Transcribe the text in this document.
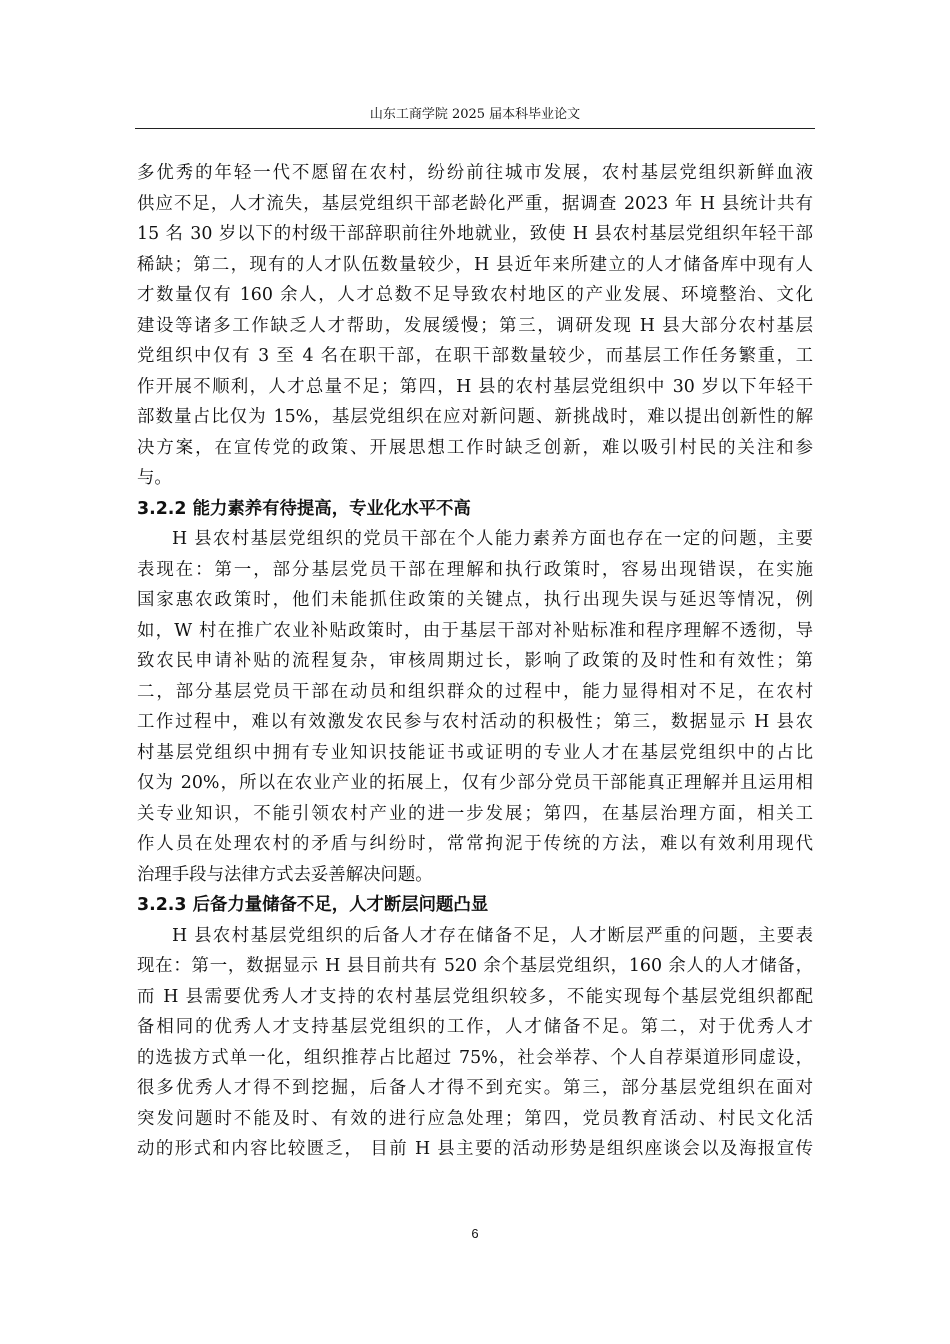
山东工商学院 2025 届本科毕业论文
多优秀的年轻一代不愿留在农村，纷纷前往城市发展，农村基层党组织新鲜血液
供应不足，人才流失，基层党组织干部老龄化严重，据调查 2023 年 H 县统计共有
15 名 30 岁以下的村级干部辞职前往外地就业，致使 H 县农村基层党组织年轻干部
稀缺；第二，现有的人才队伍数量较少，H 县近年来所建立的人才储备库中现有人
才数量仅有 160 余人，人才总数不足导致农村地区的产业发展、环境整治、文化
建设等诸多工作缺乏人才帮助，发展缓慢；第三，调研发现 H 县大部分农村基层
党组织中仅有 3 至 4 名在职干部，在职干部数量较少，而基层工作任务繁重，工
作开展不顺利，人才总量不足；第四，H 县的农村基层党组织中 30 岁以下年轻干
部数量占比仅为 15%，基层党组织在应对新问题、新挑战时，难以提出创新性的解
决方案，在宣传党的政策、开展思想工作时缺乏创新，难以吸引村民的关注和参
与。
3.2.2 能力素养有待提高，专业化水平不高
H 县农村基层党组织的党员干部在个人能力素养方面也存在一定的问题，主要
表现在：第一，部分基层党员干部在理解和执行政策时，容易出现错误，在实施
国家惠农政策时，他们未能抓住政策的关键点，执行出现失误与延迟等情况，例
如，W 村在推广农业补贴政策时，由于基层干部对补贴标准和程序理解不透彻，导
致农民申请补贴的流程复杂，审核周期过长，影响了政策的及时性和有效性；第
二，部分基层党员干部在动员和组织群众的过程中，能力显得相对不足，在农村
工作过程中，难以有效激发农民参与农村活动的积极性；第三，数据显示 H 县农
村基层党组织中拥有专业知识技能证书或证明的专业人才在基层党组织中的占比
仅为 20%，所以在农业产业的拓展上，仅有少部分党员干部能真正理解并且运用相
关专业知识，不能引领农村产业的进一步发展；第四，在基层治理方面，相关工
作人员在处理农村的矛盾与纠纷时，常常拘泥于传统的方法，难以有效利用现代
治理手段与法律方式去妥善解决问题。
3.2.3 后备力量储备不足，人才断层问题凸显
H 县农村基层党组织的后备人才存在储备不足，人才断层严重的问题，主要表
现在：第一，数据显示 H 县目前共有 520 余个基层党组织，160 余人的人才储备，
而 H 县需要优秀人才支持的农村基层党组织较多，不能实现每个基层党组织都配
备相同的优秀人才支持基层党组织的工作，人才储备不足。第二，对于优秀人才
的选拔方式单一化，组织推荐占比超过 75%，社会举荐、个人自荐渠道形同虚设，
很多优秀人才得不到挖掘，后备人才得不到充实。第三，部分基层党组织在面对
突发问题时不能及时、有效的进行应急处理；第四，党员教育活动、村民文化活
动的形式和内容比较匮乏， 目前 H 县主要的活动形势是组织座谈会以及海报宣传
6
